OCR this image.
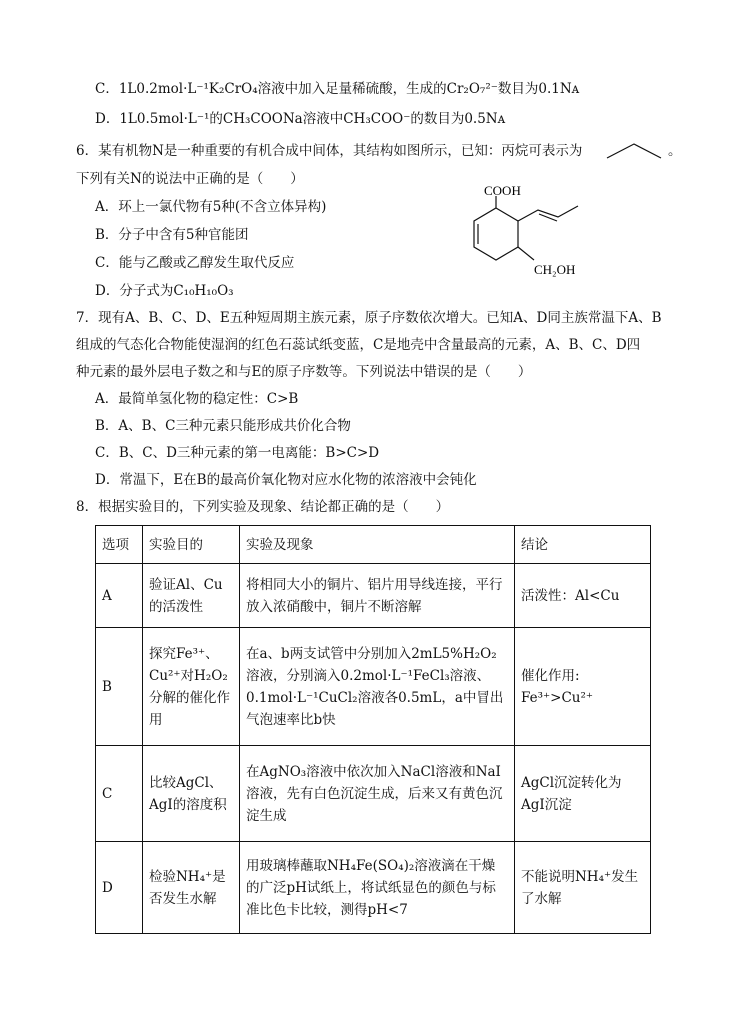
C．1L0.2mol·L⁻¹K₂CrO₄溶液中加入足量稀硫酸，生成的Cr₂O₇²⁻数目为0.1Nᴀ
D．1L0.5mol·L⁻¹的CH₃COONa溶液中CH₃COO⁻的数目为0.5Nᴀ
6．某有机物N是一种重要的有机合成中间体，其结构如图所示，已知：丙烷可表示为	。
下列有关N的说法中正确的是（　　）
A．环上一氯代物有5种(不含立体异构)
B．分子中含有5种官能团
C．能与乙酸或乙醇发生取代反应
D．分子式为C₁₀H₁₀O₃
COOH
CH₂OH
7．现有A、B、C、D、E五种短周期主族元素，原子序数依次增大。已知A、D同主族常温下A、B
组成的气态化合物能使湿润的红色石蕊试纸变蓝，C是地壳中含量最高的元素，A、B、C、D四
种元素的最外层电子数之和与E的原子序数等。下列说法中错误的是（　　）
A．最简单氢化物的稳定性：C>B
B．A、B、C三种元素只能形成共价化合物
C．B、C、D三种元素的第一电离能：B>C>D
D．常温下，E在B的最高价氧化物对应水化物的浓溶液中会钝化
8．根据实验目的，下列实验及现象、结论都正确的是（　　）
选项	实验目的	实验及现象	结论
A	验证Al、Cu的活泼性	将相同大小的铜片、铝片用导线连接，平行放入浓硝酸中，铜片不断溶解	活泼性：Al<Cu
B	探究Fe³⁺、Cu²⁺对H₂O₂分解的催化作用	在a、b两支试管中分别加入2mL5%H₂O₂溶液，分别滴入0.2mol·L⁻¹FeCl₃溶液、0.1mol·L⁻¹CuCl₂溶液各0.5mL，a中冒出气泡速率比b快	催化作用: Fe³⁺>Cu²⁺
C	比较AgCl、AgI的溶度积	在AgNO₃溶液中依次加入NaCl溶液和NaI溶液，先有白色沉淀生成，后来又有黄色沉淀生成	AgCl沉淀转化为AgI沉淀
D	检验NH₄⁺是否发生水解	用玻璃棒蘸取NH₄Fe(SO₄)₂溶液滴在干燥的广泛pH试纸上，将试纸显色的颜色与标准比色卡比较，测得pH<7	不能说明NH₄⁺发生了水解
